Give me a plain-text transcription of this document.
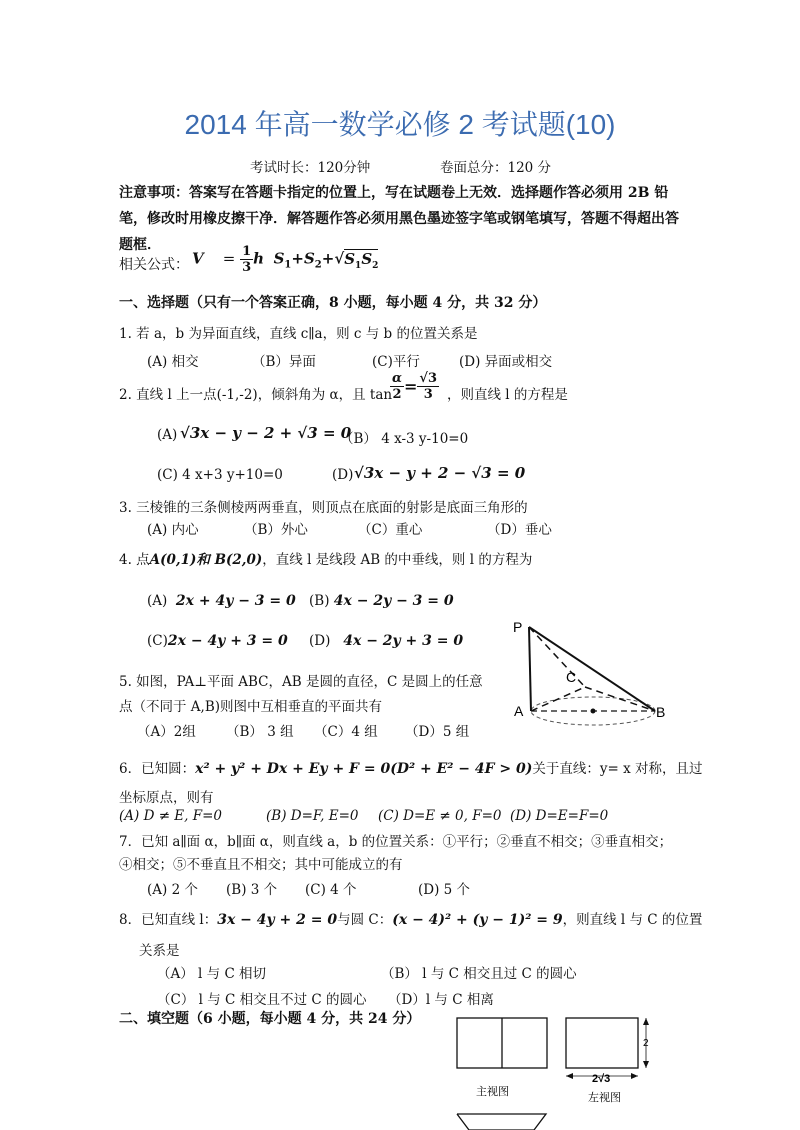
2014 年高一数学必修 2 考试题(10)
考试时长：120分钟	卷面总分：120 分
注意事项：答案写在答题卡指定的位置上，写在试题卷上无效．选择题作答必须用 2B 铅笔，修改时用橡皮擦干净．解答题作答必须用黑色墨迹签字笔或钢笔填写，答题不得超出答题框．
相关公式： V    = $\frac{1}{3}$ h $S_1+S_2+√S_1S_2$
一、选择题（只有一个答案正确，8 小题，每小题 4 分，共 32 分）
1. 若 a，b 为异面直线，直线 c∥a，则 c 与 b 的位置关系是
(A) 相交	（B）异面	(C)平行	(D) 异面或相交
2. 直线 l 上一点(-1,-2)，倾斜角为 α，且 tan
$\frac{\alpha}{2} = \frac{√3}{3}$ ，则直线 l 的方程是
(A) √3x − y − 2 + √3 = 0
（B） 4 x-3 y-10=0
(C) 4 x+3 y+10=0	(D) √3x − y + 2 − √3 = 0
3. 三棱锥的三条侧棱两两垂直，则顶点在底面的射影是底面三角形的
(A) 内心	（B）外心	（C）重心	（D）垂心
4. 点A(0,1)和 B(2,0)，直线 l 是线段 AB 的中垂线，则 l 的方程为
(A) 2x + 4y − 3 = 0 (B) 4x − 2y − 3 = 0
(C)2x − 4y + 3 = 0 (D) 4x − 2y + 3 = 0
P
A	B
C
5. 如图，PA⊥平面 ABC，AB 是圆的直径，C 是圆上的任意
点（不同于 A,B)则图中互相垂直的平面共有
（A）2组 （B） 3 组 （C）4 组 （D）5 组
6．已知圆：x² + y² + Dx + Ey + F = 0(D² + E² − 4F > 0)关于直线：y= x 对称，且过
坐标原点，则有
(A) D ≠ E, F=0	(B) D=F, E=0 (C) D=E ≠ 0, F=0 (D) D=E=F=0
7．已知 a∥面 α，b∥面 α，则直线 a，b 的位置关系：①平行；②垂直不相交；③垂直相交；
④相交；⑤不垂直且不相交；其中可能成立的有
(A) 2 个 (B) 3 个 (C) 4 个	(D) 5 个
8．已知直线 l：3x − 4y + 2 = 0与圆 C：(x − 4)² + (y − 1)² = 9，则直线 l 与 C 的位置
关系是
（A） l 与 C 相切	（B） l 与 C 相交且过 C 的圆心
（C） l 与 C 相交且不过 C 的圆心 （D）l 与 C 相离
二、填空题（6 小题，每小题 4 分，共 24 分）
2
2√3
主视图	左视图
